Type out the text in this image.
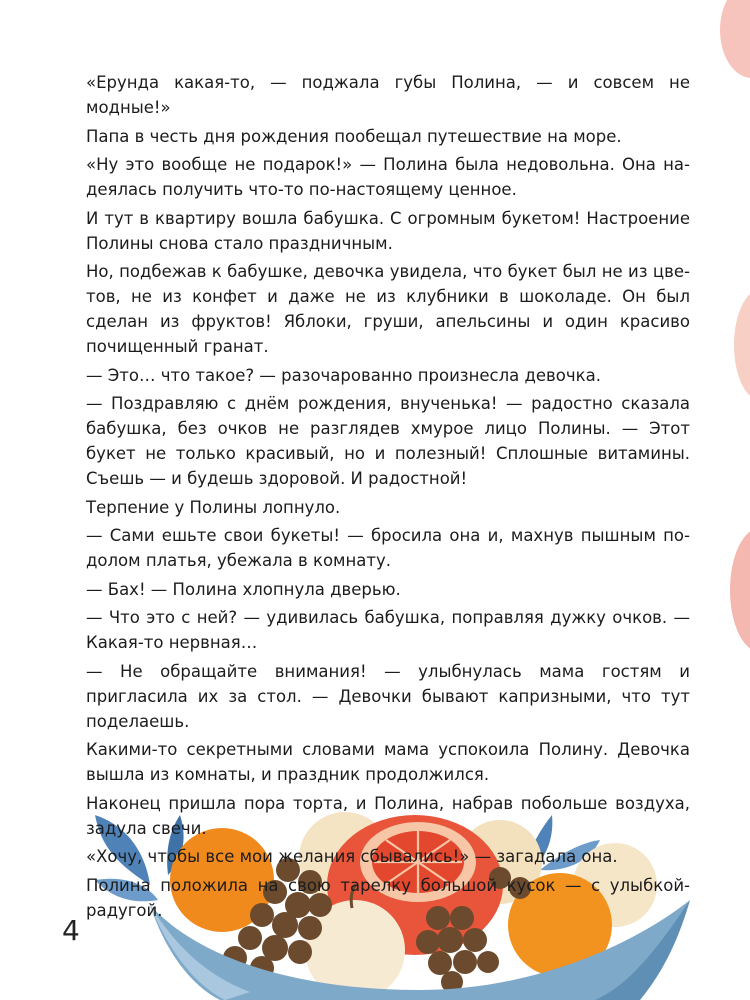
«Ерунда какая-то, — поджала губы Полина, — и совсем не модные!»

Папа в честь дня рождения пообещал путешествие на море.

«Ну это вообще не подарок!» — Полина была недовольна. Она надеялась получить что-то по-настоящему ценное.

И тут в квартиру вошла бабушка. С огромным букетом! Настроение Полины снова стало праздничным.

Но, подбежав к бабушке, девочка увидела, что букет был не из цветов, не из конфет и даже не из клубники в шоколаде. Он был сделан из фруктов! Яблоки, груши, апельсины и один красиво почищенный гранат.

— Это… что такое? — разочарованно произнесла девочка.

— Поздравляю с днём рождения, внученька! — радостно сказала бабушка, без очков не разглядев хмурое лицо Полины. — Этот букет не только красивый, но и полезный! Сплошные витамины. Съешь — и будешь здоровой. И радостной!

Терпение у Полины лопнуло.

— Сами ешьте свои букеты! — бросила она и, махнув пышным подолом платья, убежала в комнату.

— Бах! — Полина хлопнула дверью.

— Что это с ней? — удивилась бабушка, поправляя дужку очков. — Какая-то нервная…

— Не обращайте внимания! — улыбнулась мама гостям и пригласила их за стол. — Девочки бывают капризными, что тут поделаешь.

Какими-то секретными словами мама успокоила Полину. Девочка вышла из комнаты, и праздник продолжился.

Наконец пришла пора торта, и Полина, набрав побольше воздуха, задула свечи.

«Хочу, чтобы все мои желания сбывались!» — загадала она.

Полина положила на свою тарелку большой кусок — с улыбкой-радугой.

4
